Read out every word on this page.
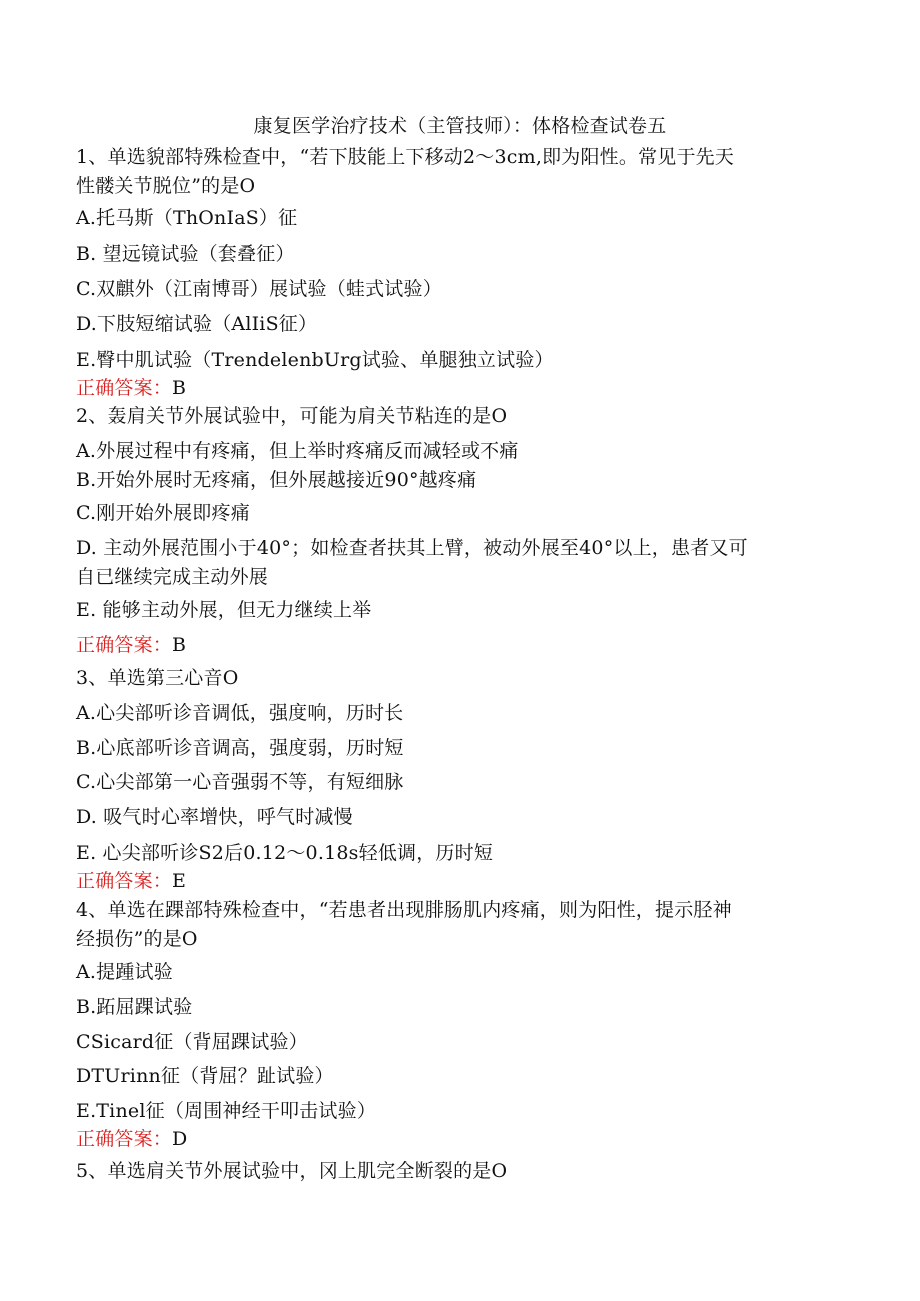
康复医学治疗技术（主管技师）：体格检查试卷五
1、单选貌部特殊检查中，“若下肢能上下移动2～3cm,即为阳性。常见于先天
性髅关节脱位”的是O
A.托马斯（ThOnIaS）征
B. 望远镜试验（套叠征）
C.双麒外（江南博哥）展试验（蛙式试验）
D.下肢短缩试验（AlIiS征）
E.臀中肌试验（TrendelenbUrg试验、单腿独立试验）
正确答案：B
2、轰肩关节外展试验中，可能为肩关节粘连的是O
A.外展过程中有疼痛，但上举时疼痛反而减轻或不痛
B.开始外展时无疼痛，但外展越接近90°越疼痛
C.刚开始外展即疼痛
D. 主动外展范围小于40°；如检查者扶其上臂，被动外展至40°以上，患者又可
自已继续完成主动外展
E. 能够主动外展，但无力继续上举
正确答案：B
3、单选第三心音O
A.心尖部听诊音调低，强度响，历时长
B.心底部听诊音调高，强度弱，历时短
C.心尖部第一心音强弱不等，有短细脉
D. 吸气时心率增快，呼气时减慢
E. 心尖部听诊S2后0.12～0.18s轻低调，历时短
正确答案：E
4、单选在踝部特殊检查中，“若患者出现腓肠肌内疼痛，则为阳性，提示胫神
经损伤”的是O
A.提踵试验
B.跖屈踝试验
CSicard征（背屈踝试验）
DTUrinn征（背屈？趾试验）
E.Tinel征（周围神经干叩击试验）
正确答案：D
5、单选肩关节外展试验中，冈上肌完全断裂的是O
